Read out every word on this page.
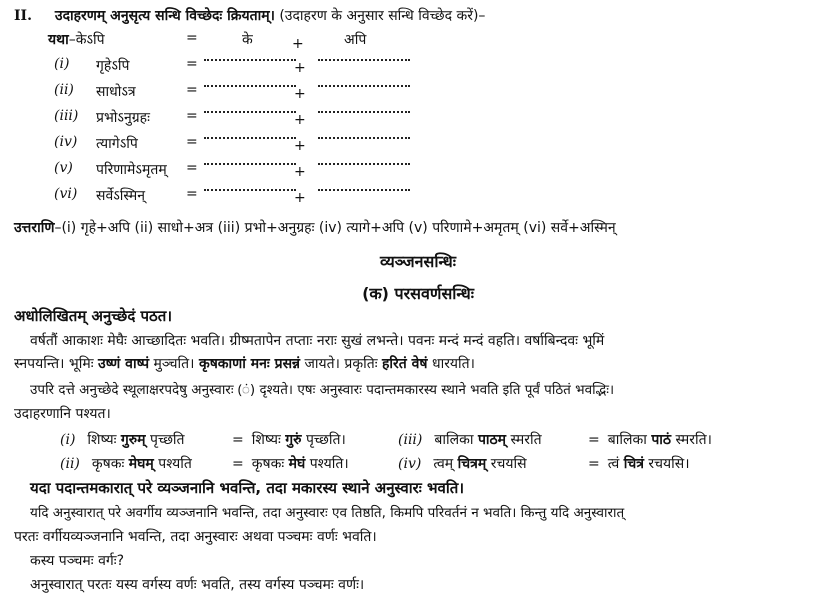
II. उदाहरणम् अनुसृत्य सन्धि विच्छेदः क्रियताम्। (उदाहरण के अनुसार सन्धि विच्छेद करें)–
यथा–केऽपि	=	के	+	अपि
(i) गृहेऽपि	=	+
(ii) साधोऽत्र	=	+
(iii) प्रभोऽनुग्रहः	=	+
(iv) त्यागेऽपि	=	+
(v) परिणामेऽमृतम् =	+
(vi) सर्वेऽस्मिन्	=	+
उत्तराणि–(i) गृहे+अपि (ii) साधो+अत्र (iii) प्रभो+अनुग्रहः (iv) त्यागे+अपि (v) परिणामे+अमृतम् (vi) सर्वे+अस्मिन्
व्यञ्जनसन्धिः
(क) परसवर्णसन्धिः
अधोलिखितम् अनुच्छेदं पठत।
वर्षतौं आकाशः मेघैः आच्छादितः भवति। ग्रीष्मतापेन तप्ताः नराः सुखं लभन्ते। पवनः मन्दं मन्दं वहति। वर्षाबिन्दवः भूमिं
स्नपयन्ति। भूमिः उष्णं वाष्पं मुञ्चति। कृषकाणां मनः प्रसन्नं जायते। प्रकृतिः हरितं वेषं धारयति।
उपरि दत्ते अनुच्छेदे स्थूलाक्षरपदेषु अनुस्वारः (ं) दृश्यते। एषः अनुस्वारः पदान्तमकारस्य स्थाने भवति इति पूर्वं पठितं भवद्भिः।
उदाहरणानि पश्यत।
(i) शिष्यः गुरुम् पृच्छति	= शिष्यः गुरुं पृच्छति।
(ii) कृषकः मेघम् पश्यति	= कृषकः मेघं पश्यति।
(iii) बालिका पाठम् स्मरति	= बालिका पाठं स्मरति।
(iv) त्वम् चित्रम् रचयसि	= त्वं चित्रं रचयसि।
यदा पदान्तमकारात् परे व्यञ्जनानि भवन्ति, तदा मकारस्य स्थाने अनुस्वारः भवति।
यदि अनुस्वारात् परे अवर्गीय व्यञ्जनानि भवन्ति, तदा अनुस्वारः एव तिष्ठति, किमपि परिवर्तनं न भवति। किन्तु यदि अनुस्वारात्
परतः वर्गीयव्यञ्जनानि भवन्ति, तदा अनुस्वारः अथवा पञ्चमः वर्णः भवति।
कस्य पञ्चमः वर्गः?
अनुस्वारात् परतः यस्य वर्गस्य वर्णः भवति, तस्य वर्गस्य पञ्चमः वर्णः।
